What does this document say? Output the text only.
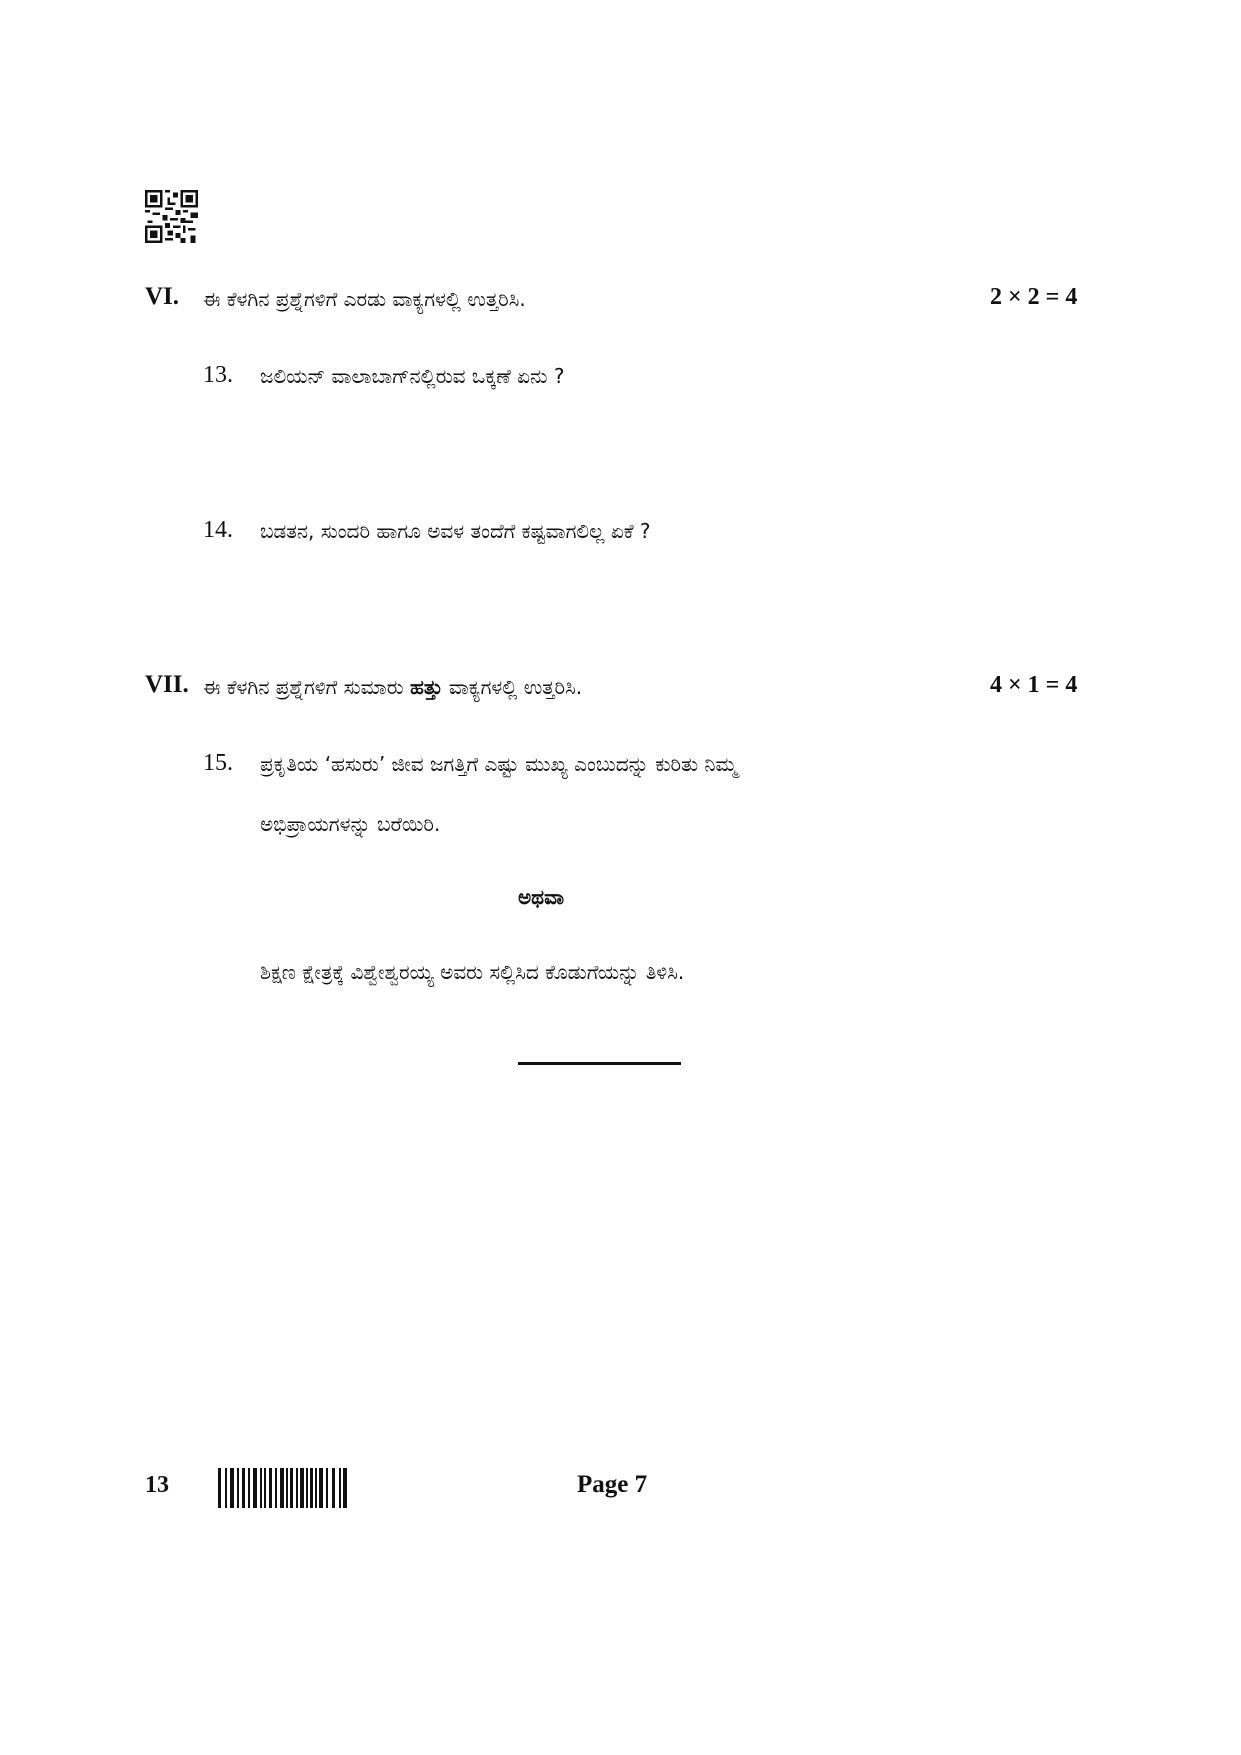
VI. ಈ ಕೆಳಗಿನ ಪ್ರಶ್ನೆಗಳಿಗೆ ಎರಡು ವಾಕ್ಯಗಳಲ್ಲಿ ಉತ್ತರಿಸಿ.	2 × 2 = 4
13. ಜಲಿಯನ್ ವಾಲಾಬಾಗ್‌ನಲ್ಲಿರುವ ಒಕ್ಕಣೆ ಏನು ?
14. ಬಡತನ, ಸುಂದರಿ ಹಾಗೂ ಅವಳ ತಂದೆಗೆ ಕಷ್ಟವಾಗಲಿಲ್ಲ ಏಕೆ ?
VII. ಈ ಕೆಳಗಿನ ಪ್ರಶ್ನೆಗಳಿಗೆ ಸುಮಾರು ಹತ್ತು ವಾಕ್ಯಗಳಲ್ಲಿ ಉತ್ತರಿಸಿ.	4 × 1 = 4
15. ಪ್ರಕೃತಿಯ ‘ಹಸುರು’ ಜೀವ ಜಗತ್ತಿಗೆ ಎಷ್ಟು ಮುಖ್ಯ ಎಂಬುದನ್ನು ಕುರಿತು ನಿಮ್ಮ
ಅಭಿಪ್ರಾಯಗಳನ್ನು ಬರೆಯಿರಿ.
ಅಥವಾ
ಶಿಕ್ಷಣ ಕ್ಷೇತ್ರಕ್ಕೆ ವಿಶ್ವೇಶ್ವರಯ್ಯ ಅವರು ಸಲ್ಲಿಸಿದ ಕೊಡುಗೆಯನ್ನು ತಿಳಿಸಿ.
13	Page 7
